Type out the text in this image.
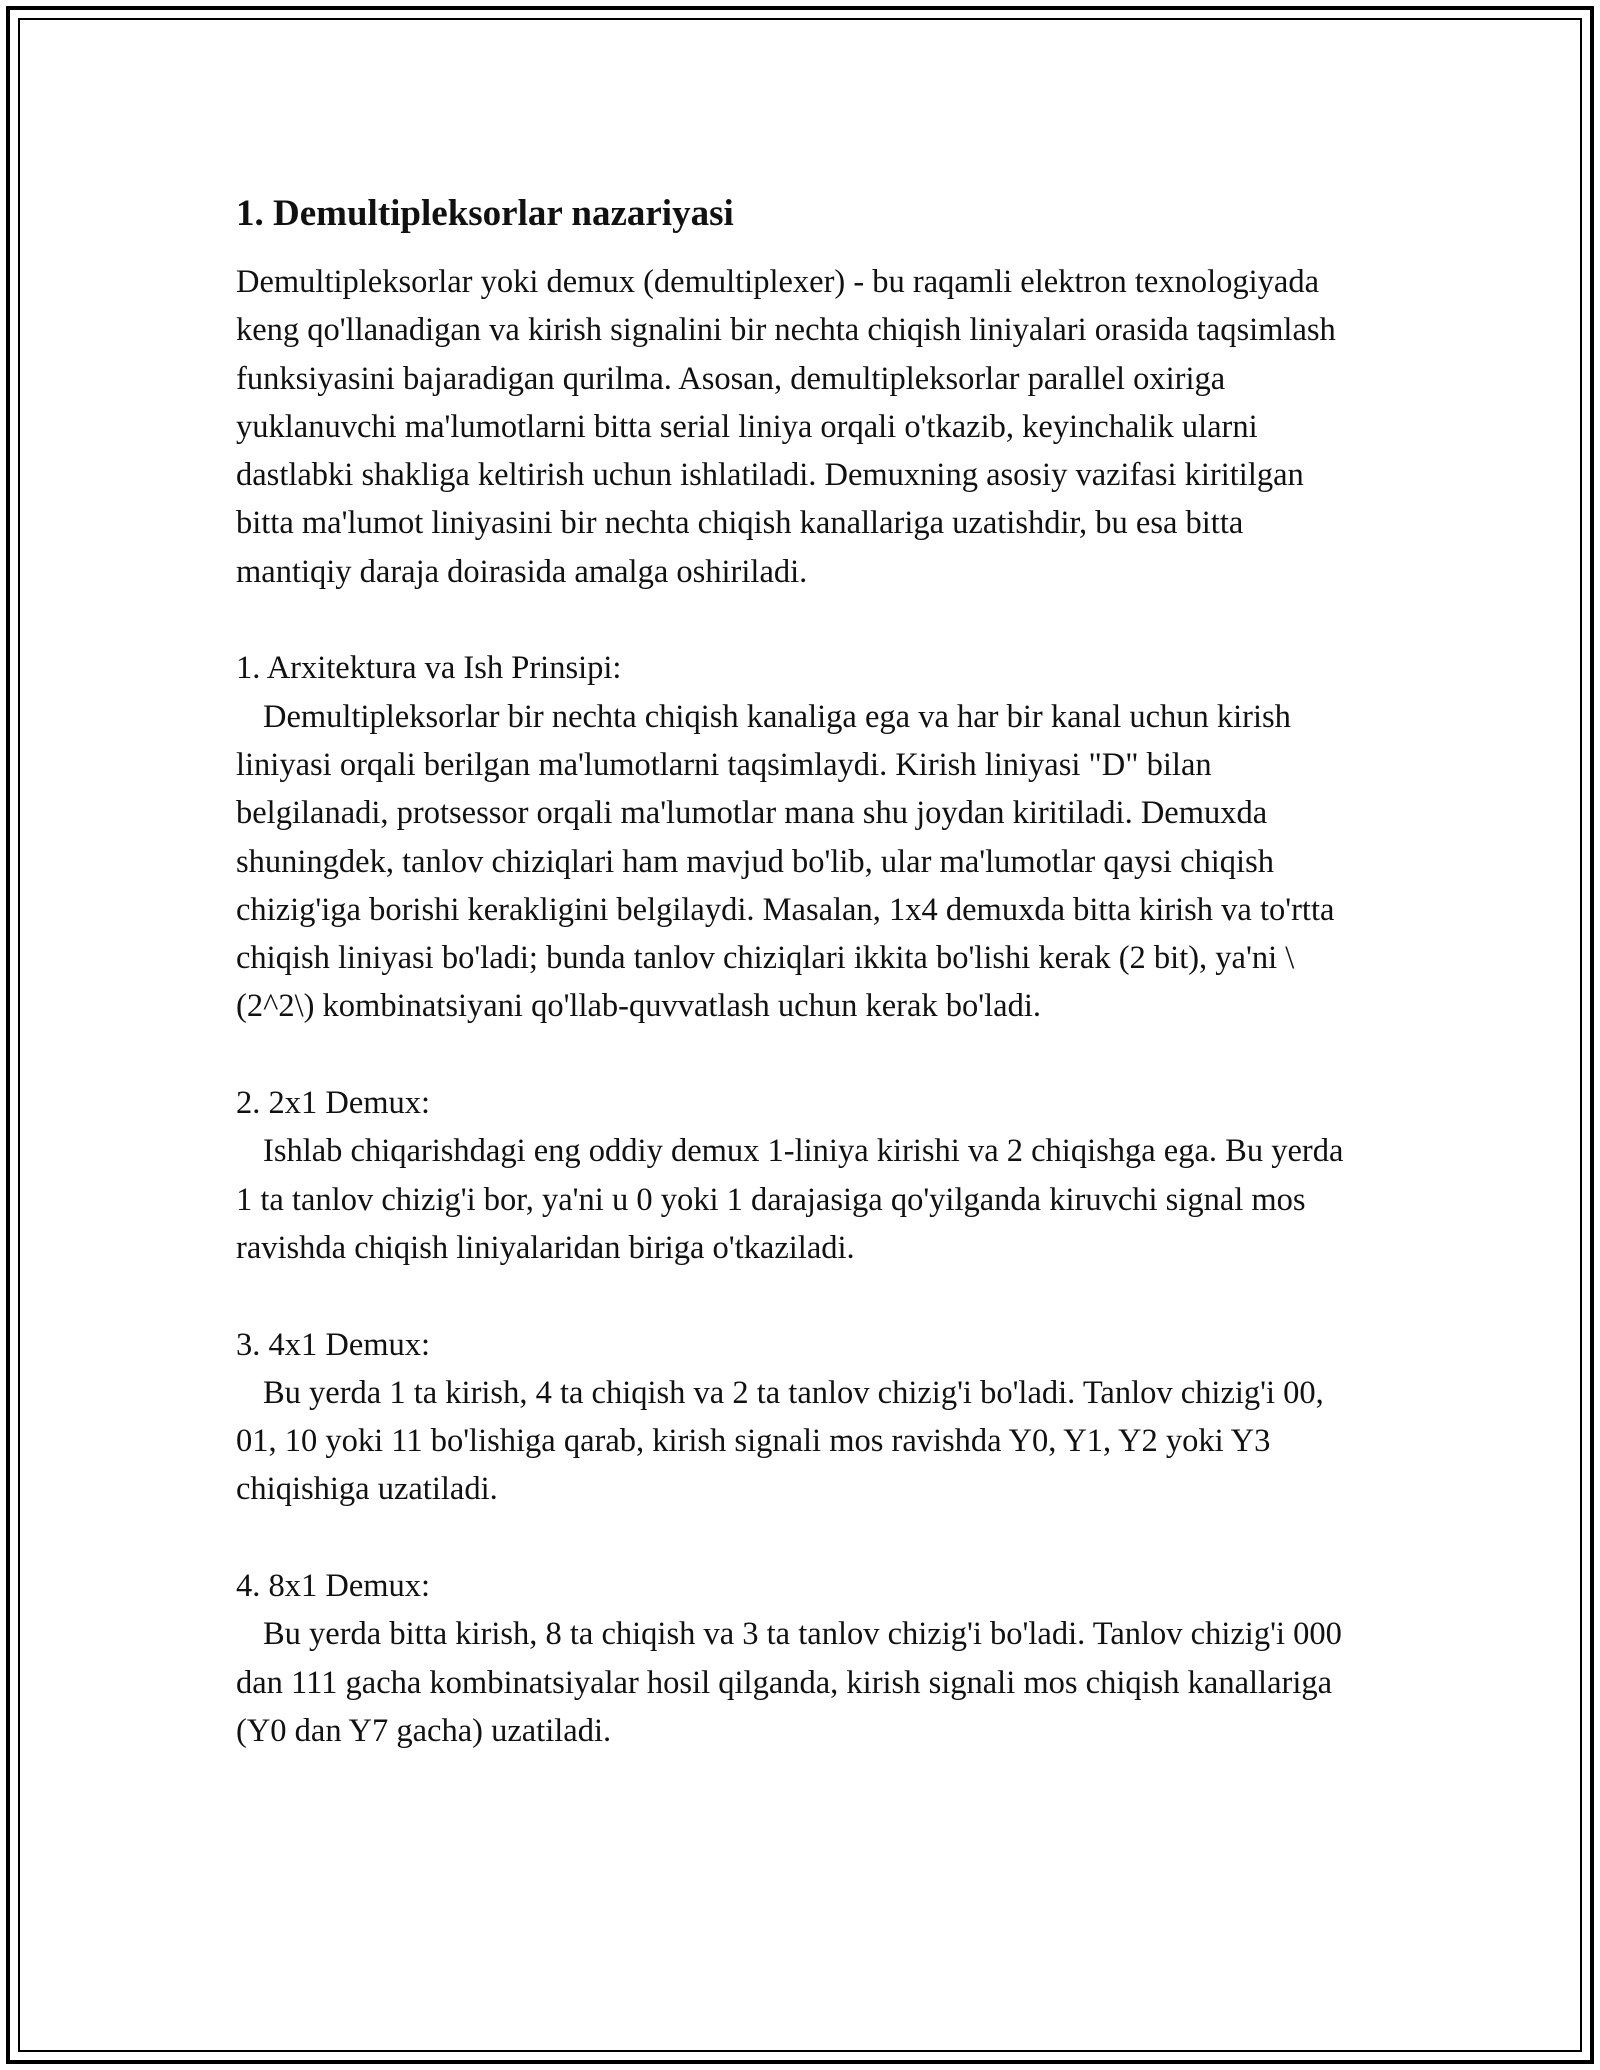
1. Demultipleksorlar nazariyasi

Demultipleksorlar yoki demux (demultiplexer) - bu raqamli elektron texnologiyada keng qo'llanadigan va kirish signalini bir nechta chiqish liniyalari orasida taqsimlash funksiyasini bajaradigan qurilma. Asosan, demultipleksorlar parallel oxiriga yuklanuvchi ma'lumotlarni bitta serial liniya orqali o'tkazib, keyinchalik ularni dastlabki shakliga keltirish uchun ishlatiladi. Demuxning asosiy vazifasi kiritilgan bitta ma'lumot liniyasini bir nechta chiqish kanallariga uzatishdir, bu esa bitta mantiqiy daraja doirasida amalga oshiriladi.

1. Arxitektura va Ish Prinsipi:

Demultipleksorlar bir nechta chiqish kanaliga ega va har bir kanal uchun kirish liniyasi orqali berilgan ma'lumotlarni taqsimlaydi. Kirish liniyasi "D" bilan belgilanadi, protsessor orqali ma'lumotlar mana shu joydan kiritiladi. Demuxda shuningdek, tanlov chiziqlari ham mavjud bo'lib, ular ma'lumotlar qaysi chiqish chizig'iga borishi kerakligini belgilaydi. Masalan, 1x4 demuxda bitta kirish va to'rtta chiqish liniyasi bo'ladi; bunda tanlov chiziqlari ikkita bo'lishi kerak (2 bit), ya'ni \(2^2\) kombinatsiyani qo'llab-quvvatlash uchun kerak bo'ladi.

2. 2x1 Demux:

Ishlab chiqarishdagi eng oddiy demux 1-liniya kirishi va 2 chiqishga ega. Bu yerda 1 ta tanlov chizig'i bor, ya'ni u 0 yoki 1 darajasiga qo'yilganda kiruvchi signal mos ravishda chiqish liniyalaridan biriga o'tkaziladi.

3. 4x1 Demux:

Bu yerda 1 ta kirish, 4 ta chiqish va 2 ta tanlov chizig'i bo'ladi. Tanlov chizig'i 00, 01, 10 yoki 11 bo'lishiga qarab, kirish signali mos ravishda Y0, Y1, Y2 yoki Y3 chiqishiga uzatiladi.

4. 8x1 Demux:

Bu yerda bitta kirish, 8 ta chiqish va 3 ta tanlov chizig'i bo'ladi. Tanlov chizig'i 000 dan 111 gacha kombinatsiyalar hosil qilganda, kirish signali mos chiqish kanallariga (Y0 dan Y7 gacha) uzatiladi.
